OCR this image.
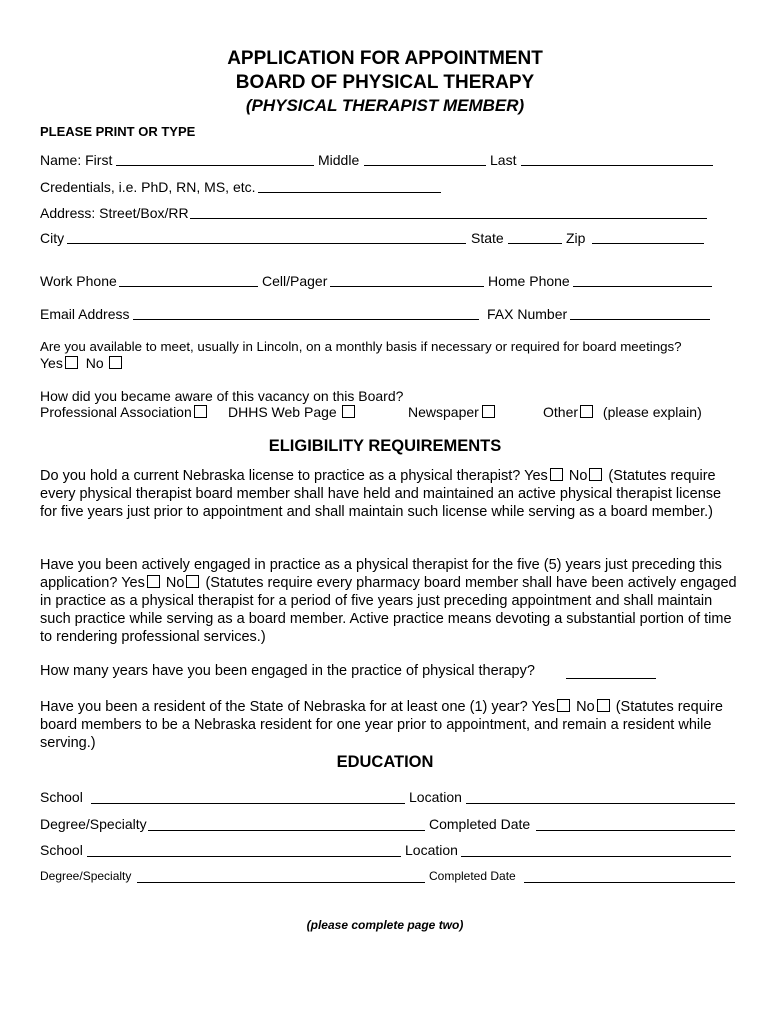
APPLICATION FOR APPOINTMENT
BOARD OF PHYSICAL THERAPY
(PHYSICAL THERAPIST MEMBER)
PLEASE PRINT OR TYPE
Name: First	Middle	Last
Credentials, i.e. PhD, RN, MS, etc.
Address: Street/Box/RR
City	State	Zip
Work Phone	Cell/Pager	Home Phone
Email Address	FAX Number
Are you available to meet, usually in Lincoln, on a monthly basis if necessary or required for board meetings?
Yes No
How did you became aware of this vacancy on this Board?
Professional Association	DHHS Web Page	Newspaper	Other (please explain)
ELIGIBILITY REQUIREMENTS
Do you hold a current Nebraska license to practice as a physical therapist? Yes No (Statutes require every physical therapist board member shall have held and maintained an active physical therapist license for five years just prior to appointment and shall maintain such license while serving as a board member.)
Have you been actively engaged in practice as a physical therapist for the five (5) years just preceding this application? Yes No (Statutes require every pharmacy board member shall have been actively engaged in practice as a physical therapist for a period of five years just preceding appointment and shall maintain such practice while serving as a board member. Active practice means devoting a substantial portion of time to rendering professional services.)
How many years have you been engaged in the practice of physical therapy?
Have you been a resident of the State of Nebraska for at least one (1) year? Yes No (Statutes require board members to be a Nebraska resident for one year prior to appointment, and remain a resident while serving.)
EDUCATION
School	Location
Degree/Specialty	Completed Date
School	Location
Degree/Specialty	Completed Date
(please complete page two)
